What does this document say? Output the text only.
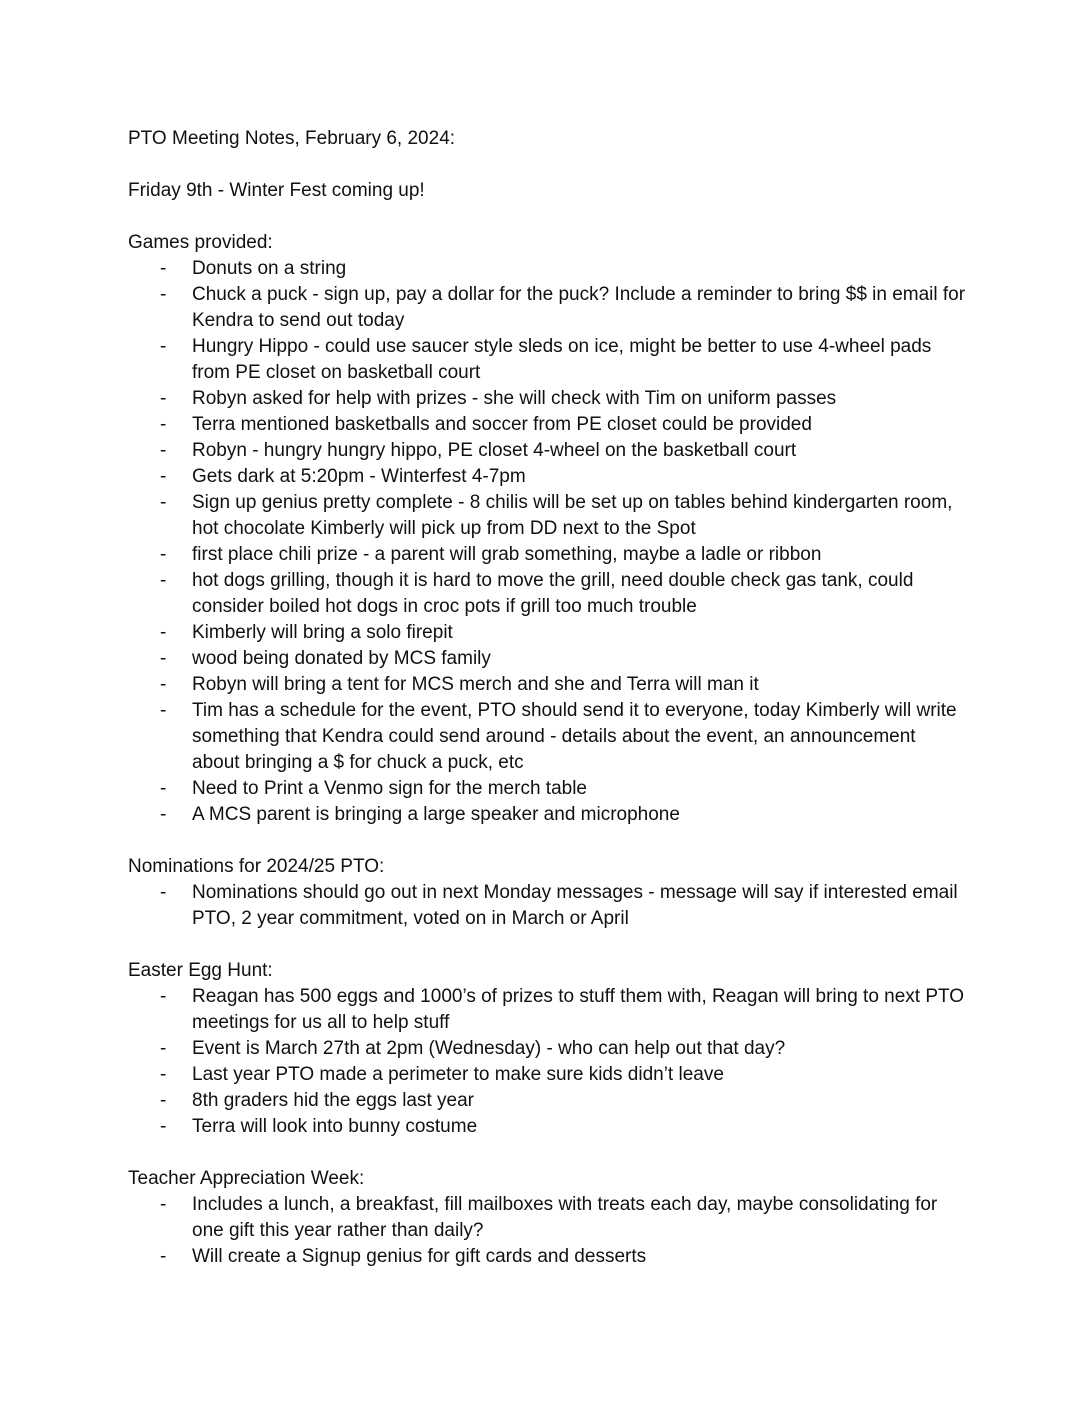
PTO Meeting Notes, February 6, 2024:

Friday 9th - Winter Fest coming up!

Games provided:

- Donuts on a string
- Chuck a puck - sign up, pay a dollar for the puck? Include a reminder to bring $$ in email for Kendra to send out today
- Hungry Hippo - could use saucer style sleds on ice, might be better to use 4-wheel pads from PE closet on basketball court
- Robyn asked for help with prizes - she will check with Tim on uniform passes
- Terra mentioned basketballs and soccer from PE closet could be provided
- Robyn - hungry hungry hippo, PE closet 4-wheel on the basketball court
- Gets dark at 5:20pm - Winterfest 4-7pm
- Sign up genius pretty complete - 8 chilis will be set up on tables behind kindergarten room, hot chocolate Kimberly will pick up from DD next to the Spot
- first place chili prize - a parent will grab something, maybe a ladle or ribbon
- hot dogs grilling, though it is hard to move the grill, need double check gas tank, could consider boiled hot dogs in croc pots if grill too much trouble
- Kimberly will bring a solo firepit
- wood being donated by MCS family
- Robyn will bring a tent for MCS merch and she and Terra will man it
- Tim has a schedule for the event, PTO should send it to everyone, today Kimberly will write something that Kendra could send around - details about the event, an announcement about bringing a $ for chuck a puck, etc
- Need to Print a Venmo sign for the merch table
- A MCS parent is bringing a large speaker and microphone

Nominations for 2024/25 PTO:

- Nominations should go out in next Monday messages - message will say if interested email PTO, 2 year commitment, voted on in March or April

Easter Egg Hunt:

- Reagan has 500 eggs and 1000’s of prizes to stuff them with, Reagan will bring to next PTO meetings for us all to help stuff
- Event is March 27th at 2pm (Wednesday) - who can help out that day?
- Last year PTO made a perimeter to make sure kids didn’t leave
- 8th graders hid the eggs last year
- Terra will look into bunny costume

Teacher Appreciation Week:

- Includes a lunch, a breakfast, fill mailboxes with treats each day, maybe consolidating for one gift this year rather than daily?
- Will create a Signup genius for gift cards and desserts
